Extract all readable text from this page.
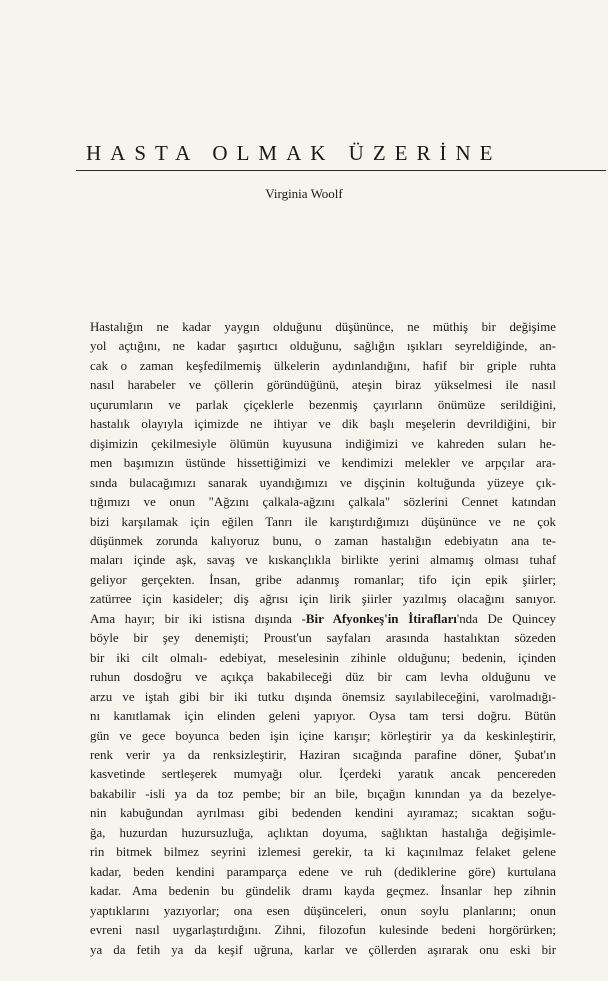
HASTA OLMAK ÜZERİNE
Virginia Woolf
Hastalığın ne kadar yaygın olduğunu düşününce, ne müthiş bir değişime
yol açtığını, ne kadar şaşırtıcı olduğunu, sağlığın ışıkları seyreldiğinde, an-
cak o zaman keşfedilmemiş ülkelerin aydınlandığını, hafif bir griple ruhta
nasıl harabeler ve çöllerin göründüğünü, ateşin biraz yükselmesi ile nasıl
uçurumların ve parlak çiçeklerle bezenmiş çayırların önümüze serildiğini,
hastalık olayıyla içimizde ne ihtiyar ve dik başlı meşelerin devrildiğini, bir
dişimizin çekilmesiyle ölümün kuyusuna indiğimizi ve kahreden suları he-
men başımızın üstünde hissettiğimizi ve kendimizi melekler ve arpçılar ara-
sında bulacağımızı sanarak uyandığımızı ve dişçinin koltuğunda yüzeye çık-
tığımızı ve onun "Ağzını çalkala-ağzını çalkala" sözlerini Cennet katından
bizi karşılamak için eğilen Tanrı ile karıştırdığımızı düşününce ve ne çok
düşünmek zorunda kalıyoruz bunu, o zaman hastalığın edebiyatın ana te-
maları içinde aşk, savaş ve kıskançlıkla birlikte yerini almamış olması tuhaf
geliyor gerçekten. İnsan, gribe adanmış romanlar; tifo için epik şiirler;
zatürree için kasideler; diş ağrısı için lirik şiirler yazılmış olacağını sanıyor.
Ama hayır; bir iki istisna dışında -Bir Afyonkeş'in İtirafları'nda De Quincey
böyle bir şey denemişti; Proust'un sayfaları arasında hastalıktan sözeden
bir iki cilt olmalı- edebiyat, meselesinin zihinle olduğunu; bedenin, içinden
ruhun dosdoğru ve açıkça bakabileceği düz bir cam levha olduğunu ve
arzu ve iştah gibi bir iki tutku dışında önemsiz sayılabileceğini, varolmadığı-
nı kanıtlamak için elinden geleni yapıyor. Oysa tam tersi doğru. Bütün
gün ve gece boyunca beden işin içine karışır; körleştirir ya da keskinleştirir,
renk verir ya da renksizleştirir, Haziran sıcağında parafine döner, Şubat'ın
kasvetinde sertleşerek mumyağı olur. İçerdeki yaratık ancak pencereden
bakabilir -isli ya da toz pembe; bir an bile, bıçağın kınından ya da bezelye-
nin kabuğundan ayrılması gibi bedenden kendini ayıramaz; sıcaktan soğu-
ğa, huzurdan huzursuzluğa, açlıktan doyuma, sağlıktan hastalığa değişimle-
rin bitmek bilmez seyrini izlemesi gerekir, ta ki kaçınılmaz felaket gelene
kadar, beden kendini paramparça edene ve ruh (dediklerine göre) kurtulana
kadar. Ama bedenin bu gündelik dramı kayda geçmez. İnsanlar hep zihnin
yaptıklarını yazıyorlar; ona esen düşünceleri, onun soylu planlarını; onun
evreni nasıl uygarlaştırdığını. Zihni, filozofun kulesinde bedeni horgörürken;
ya da fetih ya da keşif uğruna, karlar ve çöllerden aşırarak onu eski bir
